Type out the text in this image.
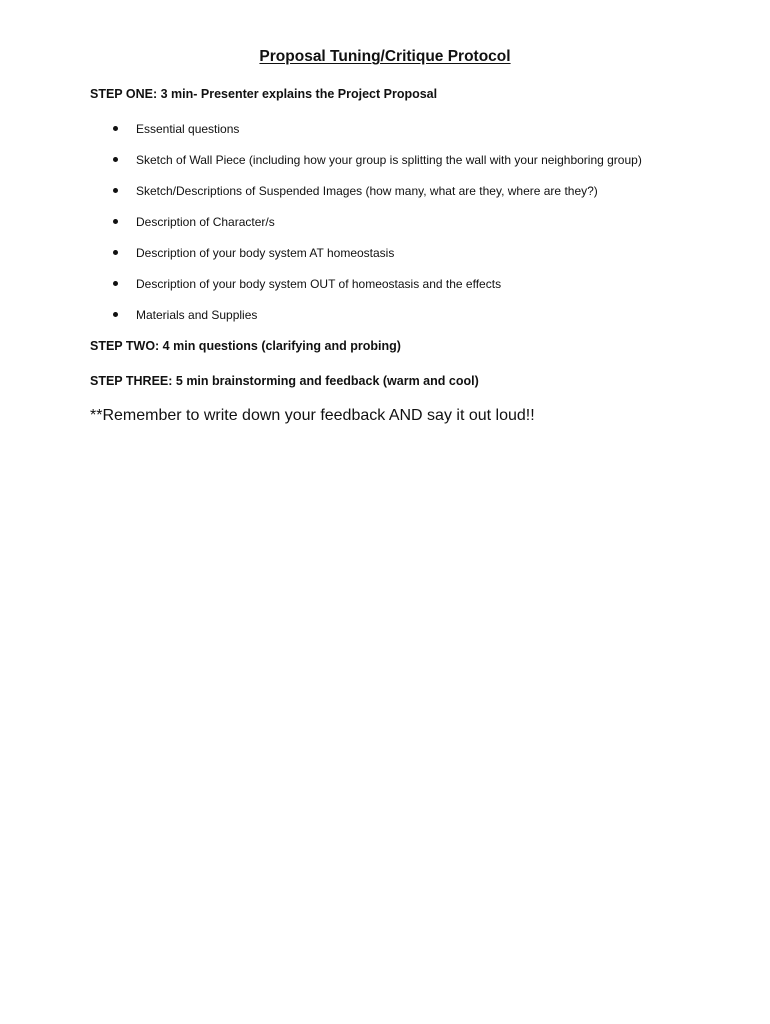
Proposal Tuning/Critique Protocol
STEP ONE: 3 min- Presenter explains the Project Proposal
Essential questions
Sketch of Wall Piece (including how your group is splitting the wall with your neighboring group)
Sketch/Descriptions of Suspended Images (how many, what are they, where are they?)
Description of Character/s
Description of your body system AT homeostasis
Description of your body system OUT of homeostasis and the effects
Materials and Supplies
STEP TWO: 4 min questions (clarifying and probing)
STEP THREE: 5 min brainstorming and feedback (warm and cool)
**Remember to write down your feedback AND say it out loud!!
